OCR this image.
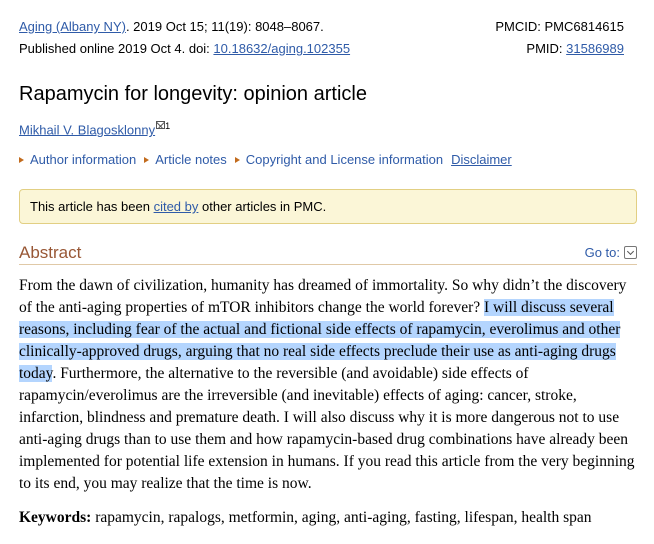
Aging (Albany NY). 2019 Oct 15; 11(19): 8048–8067.
Published online 2019 Oct 4. doi: 10.18632/aging.102355
PMCID: PMC6814615
PMID: 31586989
Rapamycin for longevity: opinion article
Mikhail V. Blagosklonny $^1$
Author information Article notes Copyright and License information Disclaimer
This article has been cited by other articles in PMC.
Abstract	Go to:

From the dawn of civilization, humanity has dreamed of immortality. So why didn’t the discovery of the anti-aging properties of mTOR inhibitors change the world forever? I will discuss several reasons, including fear of the actual and fictional side effects of rapamycin, everolimus and other clinically-approved drugs, arguing that no real side effects preclude their use as anti-aging drugs today. Furthermore, the alternative to the reversible (and avoidable) side effects of rapamycin/everolimus are the irreversible (and inevitable) effects of aging: cancer, stroke, infarction, blindness and premature death. I will also discuss why it is more dangerous not to use anti-aging drugs than to use them and how rapamycin-based drug combinations have already been implemented for potential life extension in humans. If you read this article from the very beginning to its end, you may realize that the time is now.

Keywords: rapamycin, rapalogs, metformin, aging, anti-aging, fasting, lifespan, health span
